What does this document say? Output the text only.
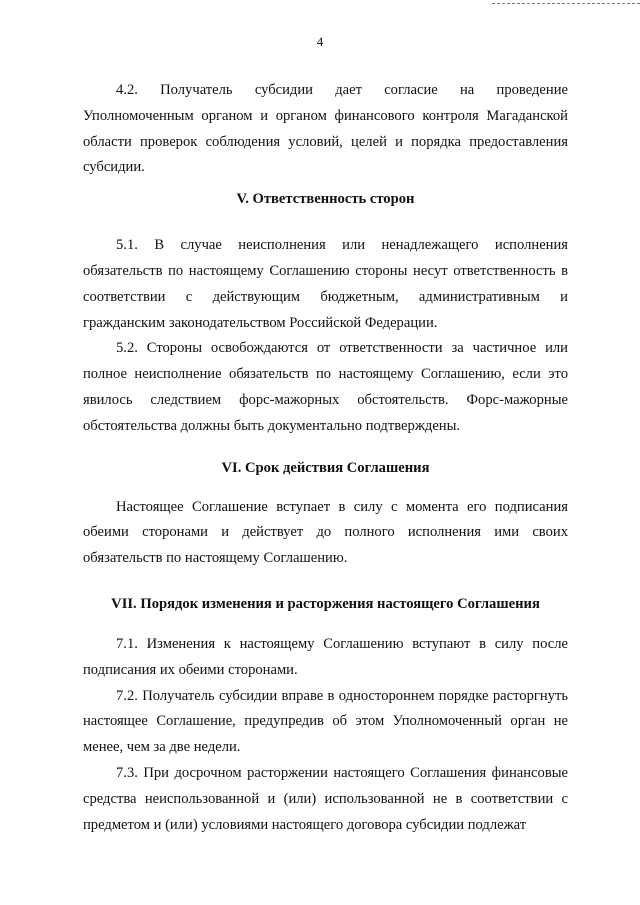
4

4.2. Получатель субсидии дает согласие на проведение Уполномоченным органом и органом финансового контроля Магаданской области проверок соблюдения условий, целей и порядка предоставления субсидии.

V. Ответственность сторон

5.1. В случае неисполнения или ненадлежащего исполнения обязательств по настоящему Соглашению стороны несут ответственность в соответствии с действующим бюджетным, административным и гражданским законодательством Российской Федерации.

5.2. Стороны освобождаются от ответственности за частичное или полное неисполнение обязательств по настоящему Соглашению, если это явилось следствием форс-мажорных обстоятельств. Форс-мажорные обстоятельства должны быть документально подтверждены.

VI. Срок действия Соглашения

Настоящее Соглашение вступает в силу с момента его подписания обеими сторонами и действует до полного исполнения ими своих обязательств по настоящему Соглашению.

VII. Порядок изменения и расторжения настоящего Соглашения

7.1. Изменения к настоящему Соглашению вступают в силу после подписания их обеими сторонами.

7.2. Получатель субсидии вправе в одностороннем порядке расторгнуть настоящее Соглашение, предупредив об этом Уполномоченный орган не менее, чем за две недели.

7.3. При досрочном расторжении настоящего Соглашения финансовые средства неиспользованной и (или) использованной не в соответствии с предметом и (или) условиями настоящего договора субсидии подлежат
